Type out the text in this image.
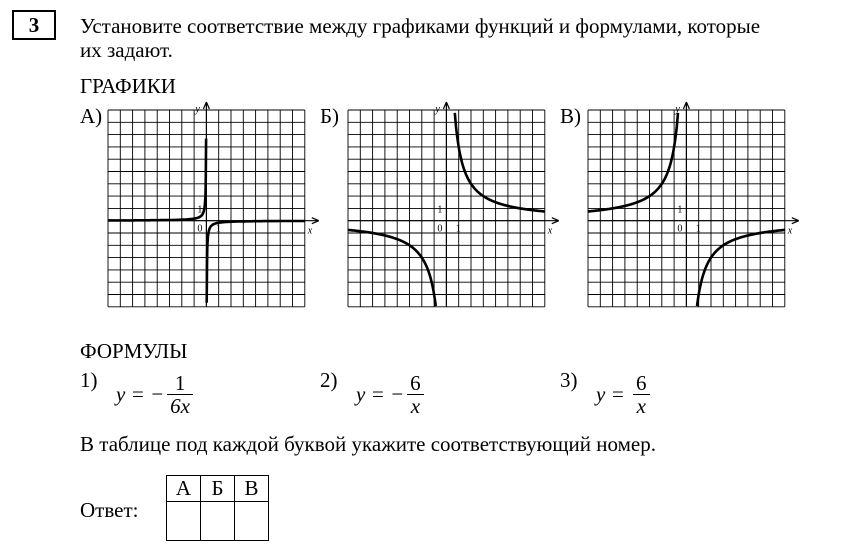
3	Установите соответствие между графиками функций и формулами, которые
их задают.
ГРАФИКИ
А)	Б)	В)
y
x
0 1
1
y
x
0 1
1
y
x
0 1
1
ФОРМУЛЫ
1)
y = − $\frac{1}{6x}$	2)
y = − $\frac{6}{x}$	3)
$y = \frac{6}{x}$
В таблице под каждой буквой укажите соответствующий номер.
Ответ:
А	Б	В
